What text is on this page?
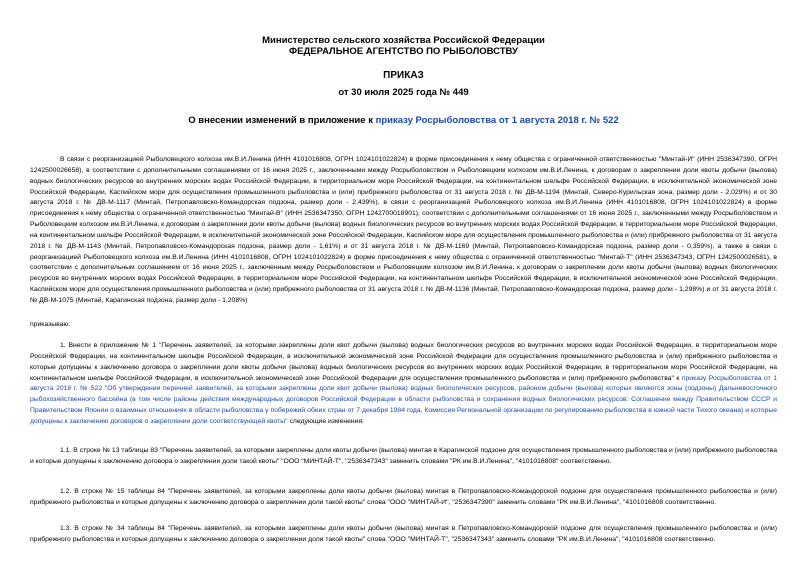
Министерство сельского хозяйства Российской Федерации
ФЕДЕРАЛЬНОЕ АГЕНТСТВО ПО РЫБОЛОВСТВУ
ПРИКАЗ
от 30 июля 2025 года № 449
О внесении изменений в приложение к приказу Росрыболовства от 1 августа 2018 г. № 522
В связи с реорганизацией Рыболовецкого колхоза им.В.И.Ленина (ИНН 4101016808, ОГРН 1024101022824) в форме присоединения к нему общества с ограниченной ответственностью "Минтай-И" (ИНН 2536347390, ОГРН 1242500026658), в соответствии с дополнительными соглашениями от 16 июня 2025 г., заключенными между Росрыболовством и Рыболовецким колхозом им.В.И.Ленина, к договорам о закреплении доли квоты добычи (вылова) водных биологических ресурсов во внутренних морских водах Российской Федерации, в территориальном море Российской Федерации, на континентальном шельфе Российской Федерации, в исключительной экономической зоне Российской Федерации, Каспийском море для осуществления промышленного рыболовства и (или) прибрежного рыболовства от 31 августа 2018 г. № ДВ-М-1194 (Минтай, Северо-Курильская зона, размер доли - 2,029%) и от 30 августа 2018 г. № ДВ-М-1117 (Минтай, Петропавловско-Командорская подзона, размер доли - 2,439%), в связи с реорганизацией Рыболовецкого колхоза им.В.И.Ленина (ИНН 4101016808, ОГРН 1024101022824) в форме присоединения к нему общества с ограниченной ответственностью "Минтай-В" (ИНН 2536347350, ОГРН 1242700018901), соответствии с дополнительными соглашениями от 16 июня 2025 г., заключенными между Росрыболовством и Рыболовецким колхозом им.В.И.Ленина, к договорам о закреплении доли квоты добычи (вылова) водных биологических ресурсов во внутренних морских водах Российской Федерации, в территориальном море Российской Федерации, на континентальном шельфе Российской Федерации, в исключительной экономической зоне Российской Федерации, Каспийском море для осуществления промышленного рыболовства и (или) прибрежного рыболовства от 31 августа 2018 г. № ДВ-М-1143 (Минтай, Петропавловско-Командорская подзона, размер доли - 1,61%) и от 31 августа 2018 г. № ДВ-М-1169 (Минтай, Петропавловско-Командорская подзона, размер доли - 0,359%), а также в связи с реорганизацией Рыболовецкого колхоза им.В.И.Ленина (ИНН 4101016808, ОГРН 1024101022824) в форме присоединения к нему общества с ограниченной ответственностью "Минтай-Т" (ИНН 2536347343, ОГРН 1242500026581), в соответствии с дополнительным соглашением от 16 июня 2025 г., заключенным между Росрыболовством и Рыболовецким колхозом им.В.И.Ленина, к договорам о закреплении доли квоты добычи (вылова) водных биологических ресурсов во внутренних морских водах Российской Федерации, в территориальном море Российской Федерации, на континентальном шельфе Российской Федерации, в исключительной экономической зоне Российской Федерации, Каспийском море для осуществления промышленного рыболовства и (или) прибрежного рыболовства от 31 августа 2018 г. № ДВ-М-1136 (Минтай, Петропавловско-Командорская подзона, размер доли - 1,298%) и от 31 августа 2018 г. № ДВ-М-1075 (Минтай, Карагинская подзона, размер доли - 1,208%)
приказываю:
1. Внести в приложение № 1 "Перечень заявителей, за которыми закреплены доли квот добычи (вылова) водных биологических ресурсов во внутренних морских водах Российской Федерации, в территориальном море Российской Федерации, на континентальном шельфе Российской Федерации, в исключительной экономической зоне Российской Федерации для осуществления промышленного рыболовства и (или) прибрежного рыболовства и которые допущены к заключению договора о закреплении доли квоты добычи (вылова) водных биологических ресурсов во внутренних морских водах Российской Федерации, в территориальном море Российской Федерации, на континентальном шельфе Российской Федерации, в исключительной экономической зоне Российской Федерации для осуществления промышленного рыболовства и (или) прибрежного рыболовства" к приказу Росрыболовства от 1 августа 2018 г. № 522 "Об утверждении перечней заявителей, за которыми закреплены доли квот добычи (вылова) водных биологических ресурсов, районом добычи (вылова) которых являются зоны (подзоны) Дальневосточного рыбохозяйственного бассейна (в том числе районы действия международных договоров Российской Федерации в области рыболовства и сохранения водных биологических ресурсов: Соглашение между Правительством СССР и Правительством Японии о взаимных отношениях в области рыболовства у побережий обеих стран от 7 декабря 1984 года, Комиссия Региональной организации по регулированию рыболовства в южной части Тихого океана) и которые допущены к заключению договоров о закреплении доли соответствующей квоты" следующие изменения:
1.1. В строке № 13 таблицы 83 "Перечень заявителей, за которыми закреплены доли квоты добычи (вылова) минтая в Карагинской подзоне для осуществления промышленного рыболовства и (или) прибрежного рыболовства и которые допущены к заключению договора о закреплении доли такой квоты" "ООО "МИНТАЙ-Т", "2536347343" заменить словами "РК им.В.И.Ленина", "4101016808" соответственно.
1.2. В строке № 15 таблицы 84 "Перечень заявителей, за которыми закреплены доли квоты добычи (вылова) минтая в Петропавловско-Командорской подзоне для осуществления промышленного рыболовства и (или) прибрежного рыболовства и которые допущены к заключению договора о закреплении доли такой квоты" слова "ООО "МИНТАЙ-И", "2536347390" заменить словами "РК им.В.И.Ленина", "4101016808 соответственно.
1.3. В строке № 34 таблицы 84 "Перечень заявителей, за которыми закреплены доли квоты добычи (вылова) минтая в Петропавловско-Командорской подзоне для осуществления промышленного рыболовства и (или) прибрежного рыболовства и которые допущены к заключению договора о закреплении доли такой квоты" слова "ООО "МИНТАЙ-Т", "2536347343" заменить словами "РК им.В.И.Ленина", "4101016808 соответственно.
